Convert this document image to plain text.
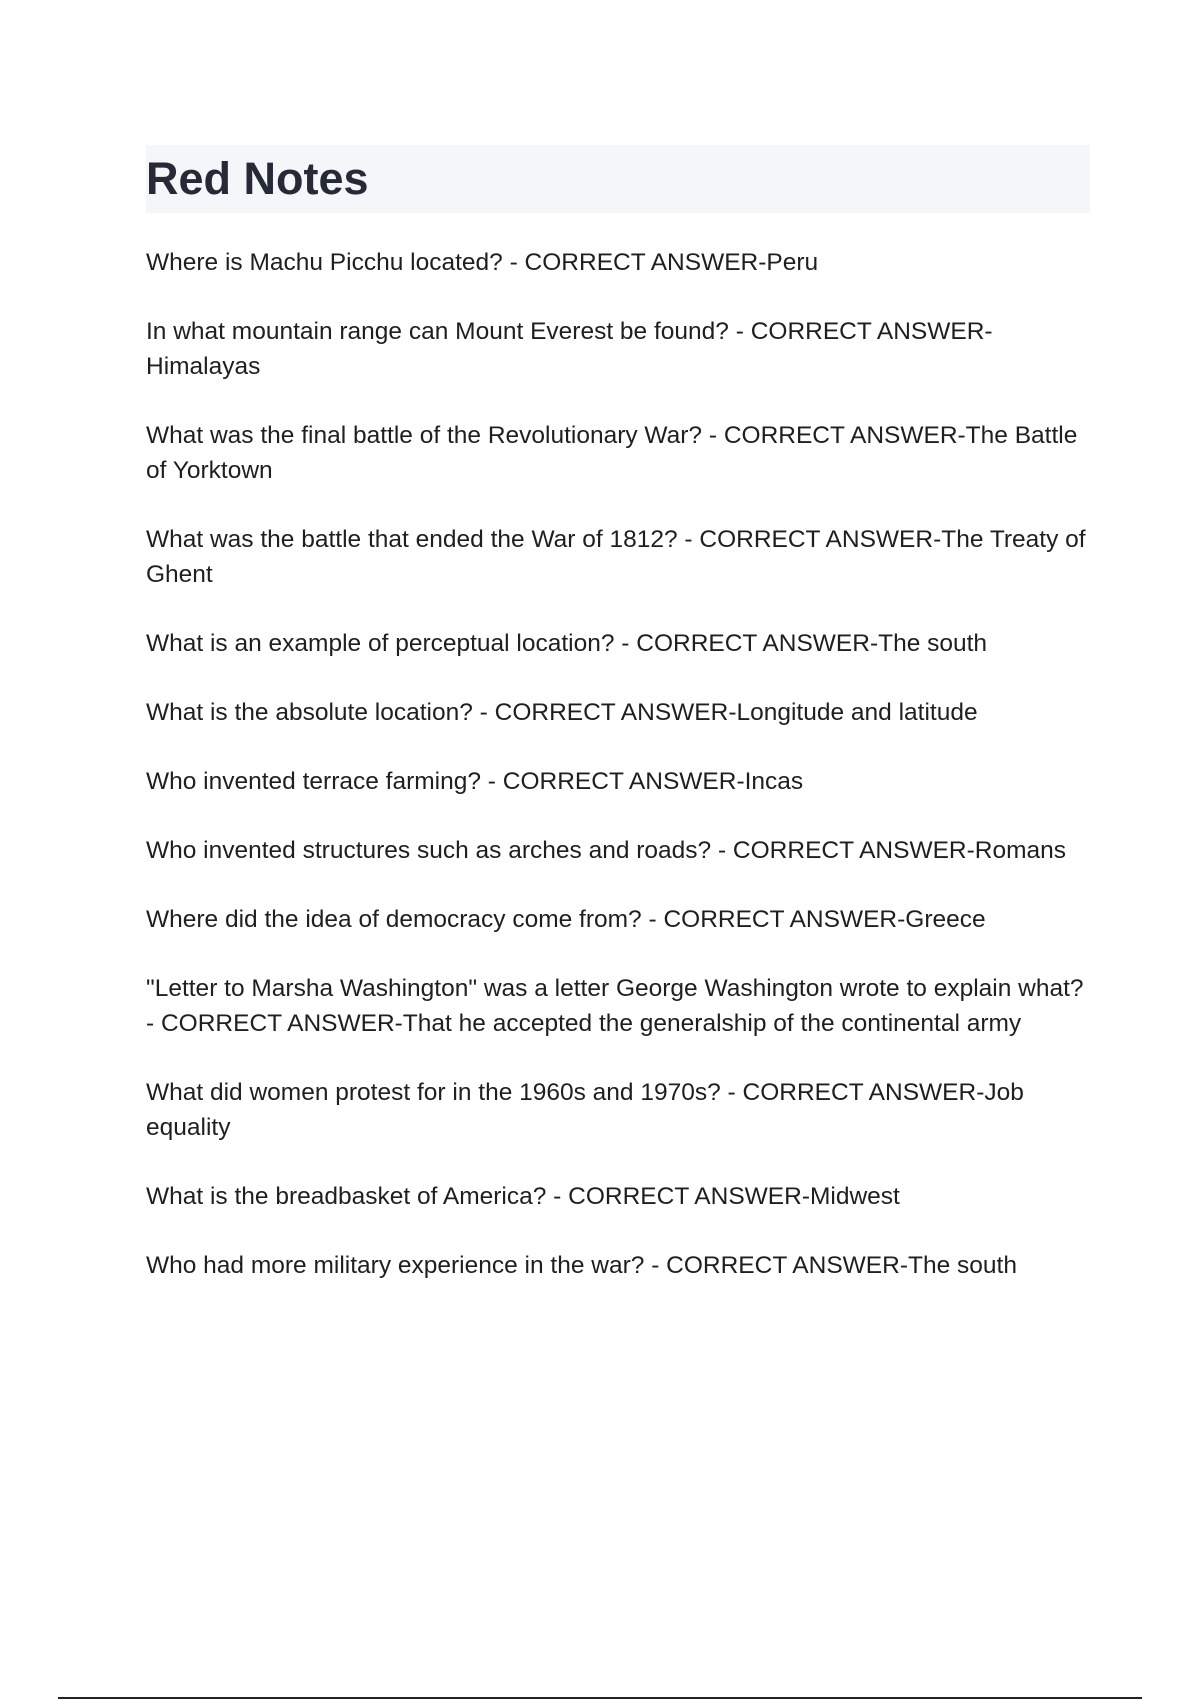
Red Notes
Where is Machu Picchu located? - CORRECT ANSWER-Peru
In what mountain range can Mount Everest be found? - CORRECT ANSWER-Himalayas
What was the final battle of the Revolutionary War? - CORRECT ANSWER-The Battle of Yorktown
What was the battle that ended the War of 1812? - CORRECT ANSWER-The Treaty of Ghent
What is an example of perceptual location? - CORRECT ANSWER-The south
What is the absolute location? - CORRECT ANSWER-Longitude and latitude
Who invented terrace farming? - CORRECT ANSWER-Incas
Who invented structures such as arches and roads? - CORRECT ANSWER-Romans
Where did the idea of democracy come from? - CORRECT ANSWER-Greece
"Letter to Marsha Washington" was a letter George Washington wrote to explain what? - CORRECT ANSWER-That he accepted the generalship of the continental army
What did women protest for in the 1960s and 1970s? - CORRECT ANSWER-Job equality
What is the breadbasket of America? - CORRECT ANSWER-Midwest
Who had more military experience in the war? - CORRECT ANSWER-The south
